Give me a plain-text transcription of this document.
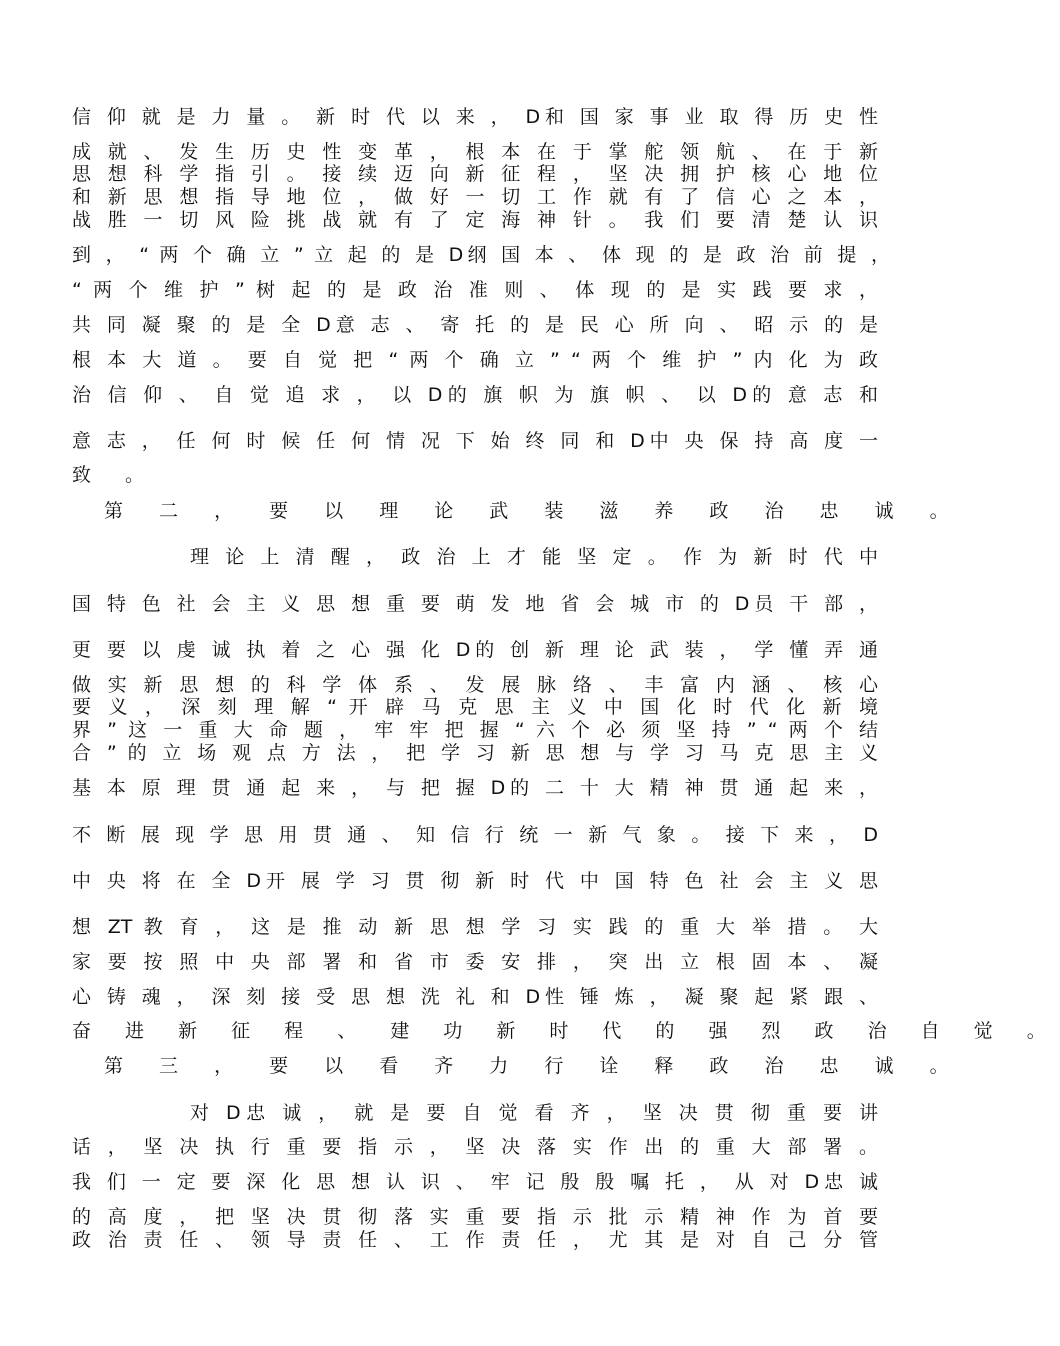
信 仰 就 是 力 量 。 新 时 代 以 来 ， D和 国 家 事 业 取 得 历 史 性

成 就 、 发 生 历 史 性 变 革 ， 根 本 在 于 掌 舵 领 航 、 在 于 新

思 想 科 学 指 引 。 接 续 迈 向 新 征 程 ， 坚 决 拥 护 核 心 地 位

和 新 思 想 指 导 地 位 ， 做 好 一 切 工 作 就 有 了 信 心 之 本 ，

战 胜 一 切 风 险 挑 战 就 有 了 定 海 神 针 。 我 们 要 清 楚 认 识

到 ， “ 两 个 确 立 ” 立 起 的 是 D纲 国 本 、 体 现 的 是 政 治 前 提 ，

“ 两 个 维 护 ” 树 起 的 是 政 治 准 则 、 体 现 的 是 实 践 要 求 ，

共 同 凝 聚 的 是 全 D意 志 、 寄 托 的 是 民 心 所 向 、 昭 示 的 是

根 本 大 道 。 要 自 觉 把 “ 两 个 确 立 ” “ 两 个 维 护 ” 内 化 为 政

治 信 仰 、 自 觉 追 求 ， 以 D的 旗 帜 为 旗 帜 、 以 D的 意 志 和

意 志 ， 任 何 时 候 任 何 情 况 下 始 终 同 和 D中 央 保 持 高 度 一

致 。

第 二 ， 要 以 理 论 武 装 滋 养 政 治 忠 诚 。

理 论 上 清 醒 ， 政 治 上 才 能 坚 定 。 作 为 新 时 代 中

国 特 色 社 会 主 义 思 想 重 要 萌 发 地 省 会 城 市 的 D员 干 部 ，

更 要 以 虔 诚 执 着 之 心 强 化 D的 创 新 理 论 武 装 ， 学 懂 弄 通

做 实 新 思 想 的 科 学 体 系 、 发 展 脉 络 、 丰 富 内 涵 、 核 心

要 义 ， 深 刻 理 解 “ 开 辟 马 克 思 主 义 中 国 化 时 代 化 新 境

界 ” 这 一 重 大 命 题 ， 牢 牢 把 握 “ 六 个 必 须 坚 持 ” “ 两 个 结

合 ” 的 立 场 观 点 方 法 ， 把 学 习 新 思 想 与 学 习 马 克 思 主 义

基 本 原 理 贯 通 起 来 ， 与 把 握 D的 二 十 大 精 神 贯 通 起 来 ，

不 断 展 现 学 思 用 贯 通 、 知 信 行 统 一 新 气 象 。 接 下 来 ， D

中 央 将 在 全 D开 展 学 习 贯 彻 新 时 代 中 国 特 色 社 会 主 义 思

想 ZT 教 育 ， 这 是 推 动 新 思 想 学 习 实 践 的 重 大 举 措 。 大

家 要 按 照 中 央 部 署 和 省 市 委 安 排 ， 突 出 立 根 固 本 、 凝

心 铸 魂 ， 深 刻 接 受 思 想 洗 礼 和 D性 锤 炼 ， 凝 聚 起 紧 跟 、

奋 进 新 征 程 、 建 功 新 时 代 的 强 烈 政 治 自 觉 。

第 三 ， 要 以 看 齐 力 行 诠 释 政 治 忠 诚 。

对 D忠 诚 ， 就 是 要 自 觉 看 齐 ， 坚 决 贯 彻 重 要 讲

话 ， 坚 决 执 行 重 要 指 示 ， 坚 决 落 实 作 出 的 重 大 部 署 。

我 们 一 定 要 深 化 思 想 认 识 、 牢 记 殷 殷 嘱 托 ， 从 对 D忠 诚

的 高 度 ， 把 坚 决 贯 彻 落 实 重 要 指 示 批 示 精 神 作 为 首 要

政 治 责 任 、 领 导 责 任 、 工 作 责 任 ， 尤 其 是 对 自 己 分 管
